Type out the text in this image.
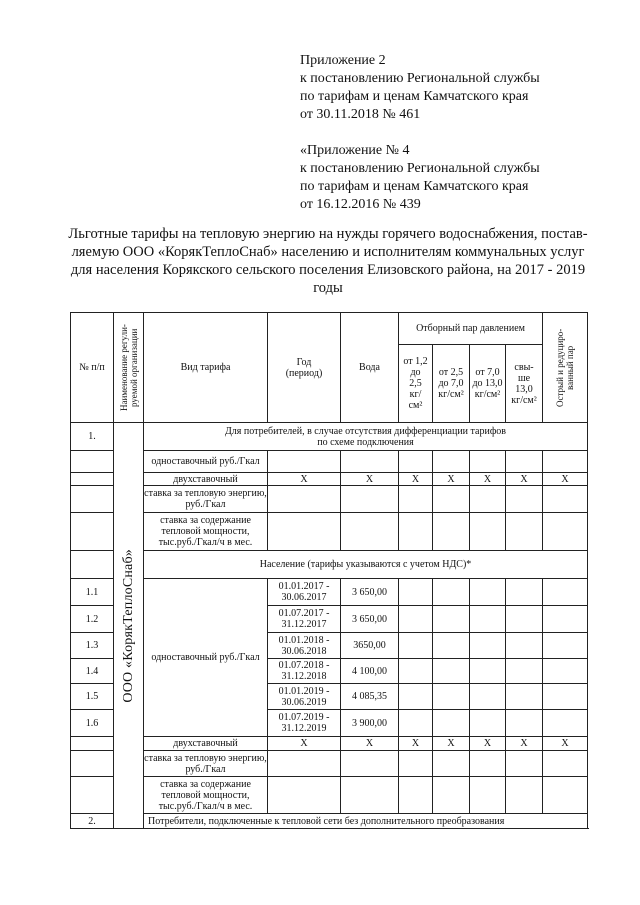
Приложение 2
к постановлению Региональной службы
по тарифам и ценам Камчатского края
от 30.11.2018 № 461
«Приложение № 4
к постановлению Региональной службы
по тарифам и ценам Камчатского края
от 16.12.2016 № 439
Льготные тарифы на тепловую энергию на нужды горячего водоснабжения, постав-
ляемую ООО «КорякТеплоСнаб» населению и исполнителям коммунальных услуг
для населения Корякского сельского поселения Елизовского района, на 2017 - 2019
годы
№ п/п	Наименование регули-руемой организации	Вид тарифа	Год (период)	Вода	Отборный пар давлением				Острый и редуциро-ванный пар

					от 1,2 до 2,5 кг/см²	от 2,5 до 7,0 кг/см²	от 7,0 до 13,0 кг/см²	свы-ше 13,0 кг/см²	
1.	ООО «КорякТеплоСнаб»	Для потребителей, в случае отсутствия дифференциации тарифов
по схеме подключения							

		одноставочный руб./Гкал							
		двухставочный	X	X	X	X	X	X	X
		ставка за тепловую энергию, руб./Гкал							
		ставка за содержание тепловой мощности, тыс.руб./Гкал/ч в мес.							
		Население (тарифы указываются с учетом НДС)*							
1.1		одноставочный руб./Гкал	01.01.2017 - 30.06.2017	3 650,00					
1.2			01.07.2017 - 31.12.2017	3 650,00					
1.3			01.01.2018 - 30.06.2018	3650,00					
1.4			01.07.2018 - 31.12.2018	4 100,00					
1.5			01.01.2019 - 30.06.2019	4 085,35					
1.6			01.07.2019 - 31.12.2019	3 900,00					
		двухставочный	X	X	X	X	X	X	X
		ставка за тепловую энергию, руб./Гкал							
		ставка за содержание тепловой мощности, тыс.руб./Гкал/ч в мес.							
2.		Потребители, подключенные к тепловой сети без дополнительного преобразования							
